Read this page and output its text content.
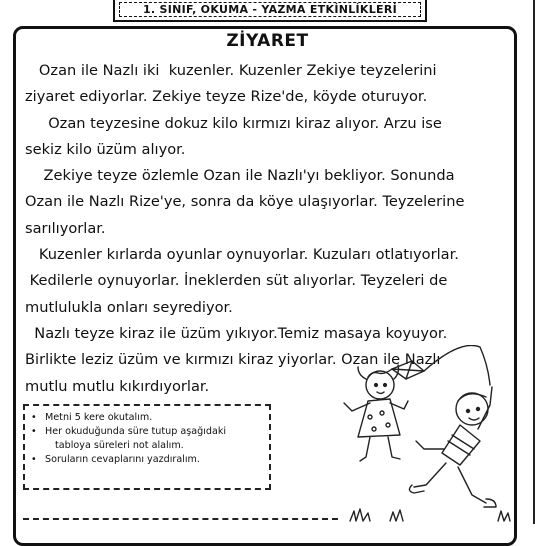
1. SINIF, OKUMA - YAZMA ETKİNLİKLERİ
ZİYARET
Ozan ile Nazlı iki  kuzenler. Kuzenler Zekiye teyzelerini
ziyaret ediyorlar. Zekiye teyze Rize'de, köyde oturuyor.
Ozan teyzesine dokuz kilo kırmızı kiraz alıyor. Arzu ise
sekiz kilo üzüm alıyor.
Zekiye teyze özlemle Ozan ile Nazlı'yı bekliyor. Sonunda
Ozan ile Nazlı Rize'ye, sonra da köye ulaşıyorlar. Teyzelerine
sarılıyorlar.
Kuzenler kırlarda oyunlar oynuyorlar. Kuzuları otlatıyorlar.
Kedilerle oynuyorlar. İneklerden süt alıyorlar. Teyzeleri de
mutlulukla onları seyrediyor.
Nazlı teyze kiraz ile üzüm yıkıyor.Temiz masaya koyuyor.
Birlikte leziz üzüm ve kırmızı kiraz yiyorlar. Ozan ile Nazlı
mutlu mutlu kıkırdıyorlar.
• Metni 5 kere okutalım.
• Her okuduğunda süre tutup aşağıdaki
tabloya süreleri not alalım.
• Soruların cevaplarını yazdıralım.
